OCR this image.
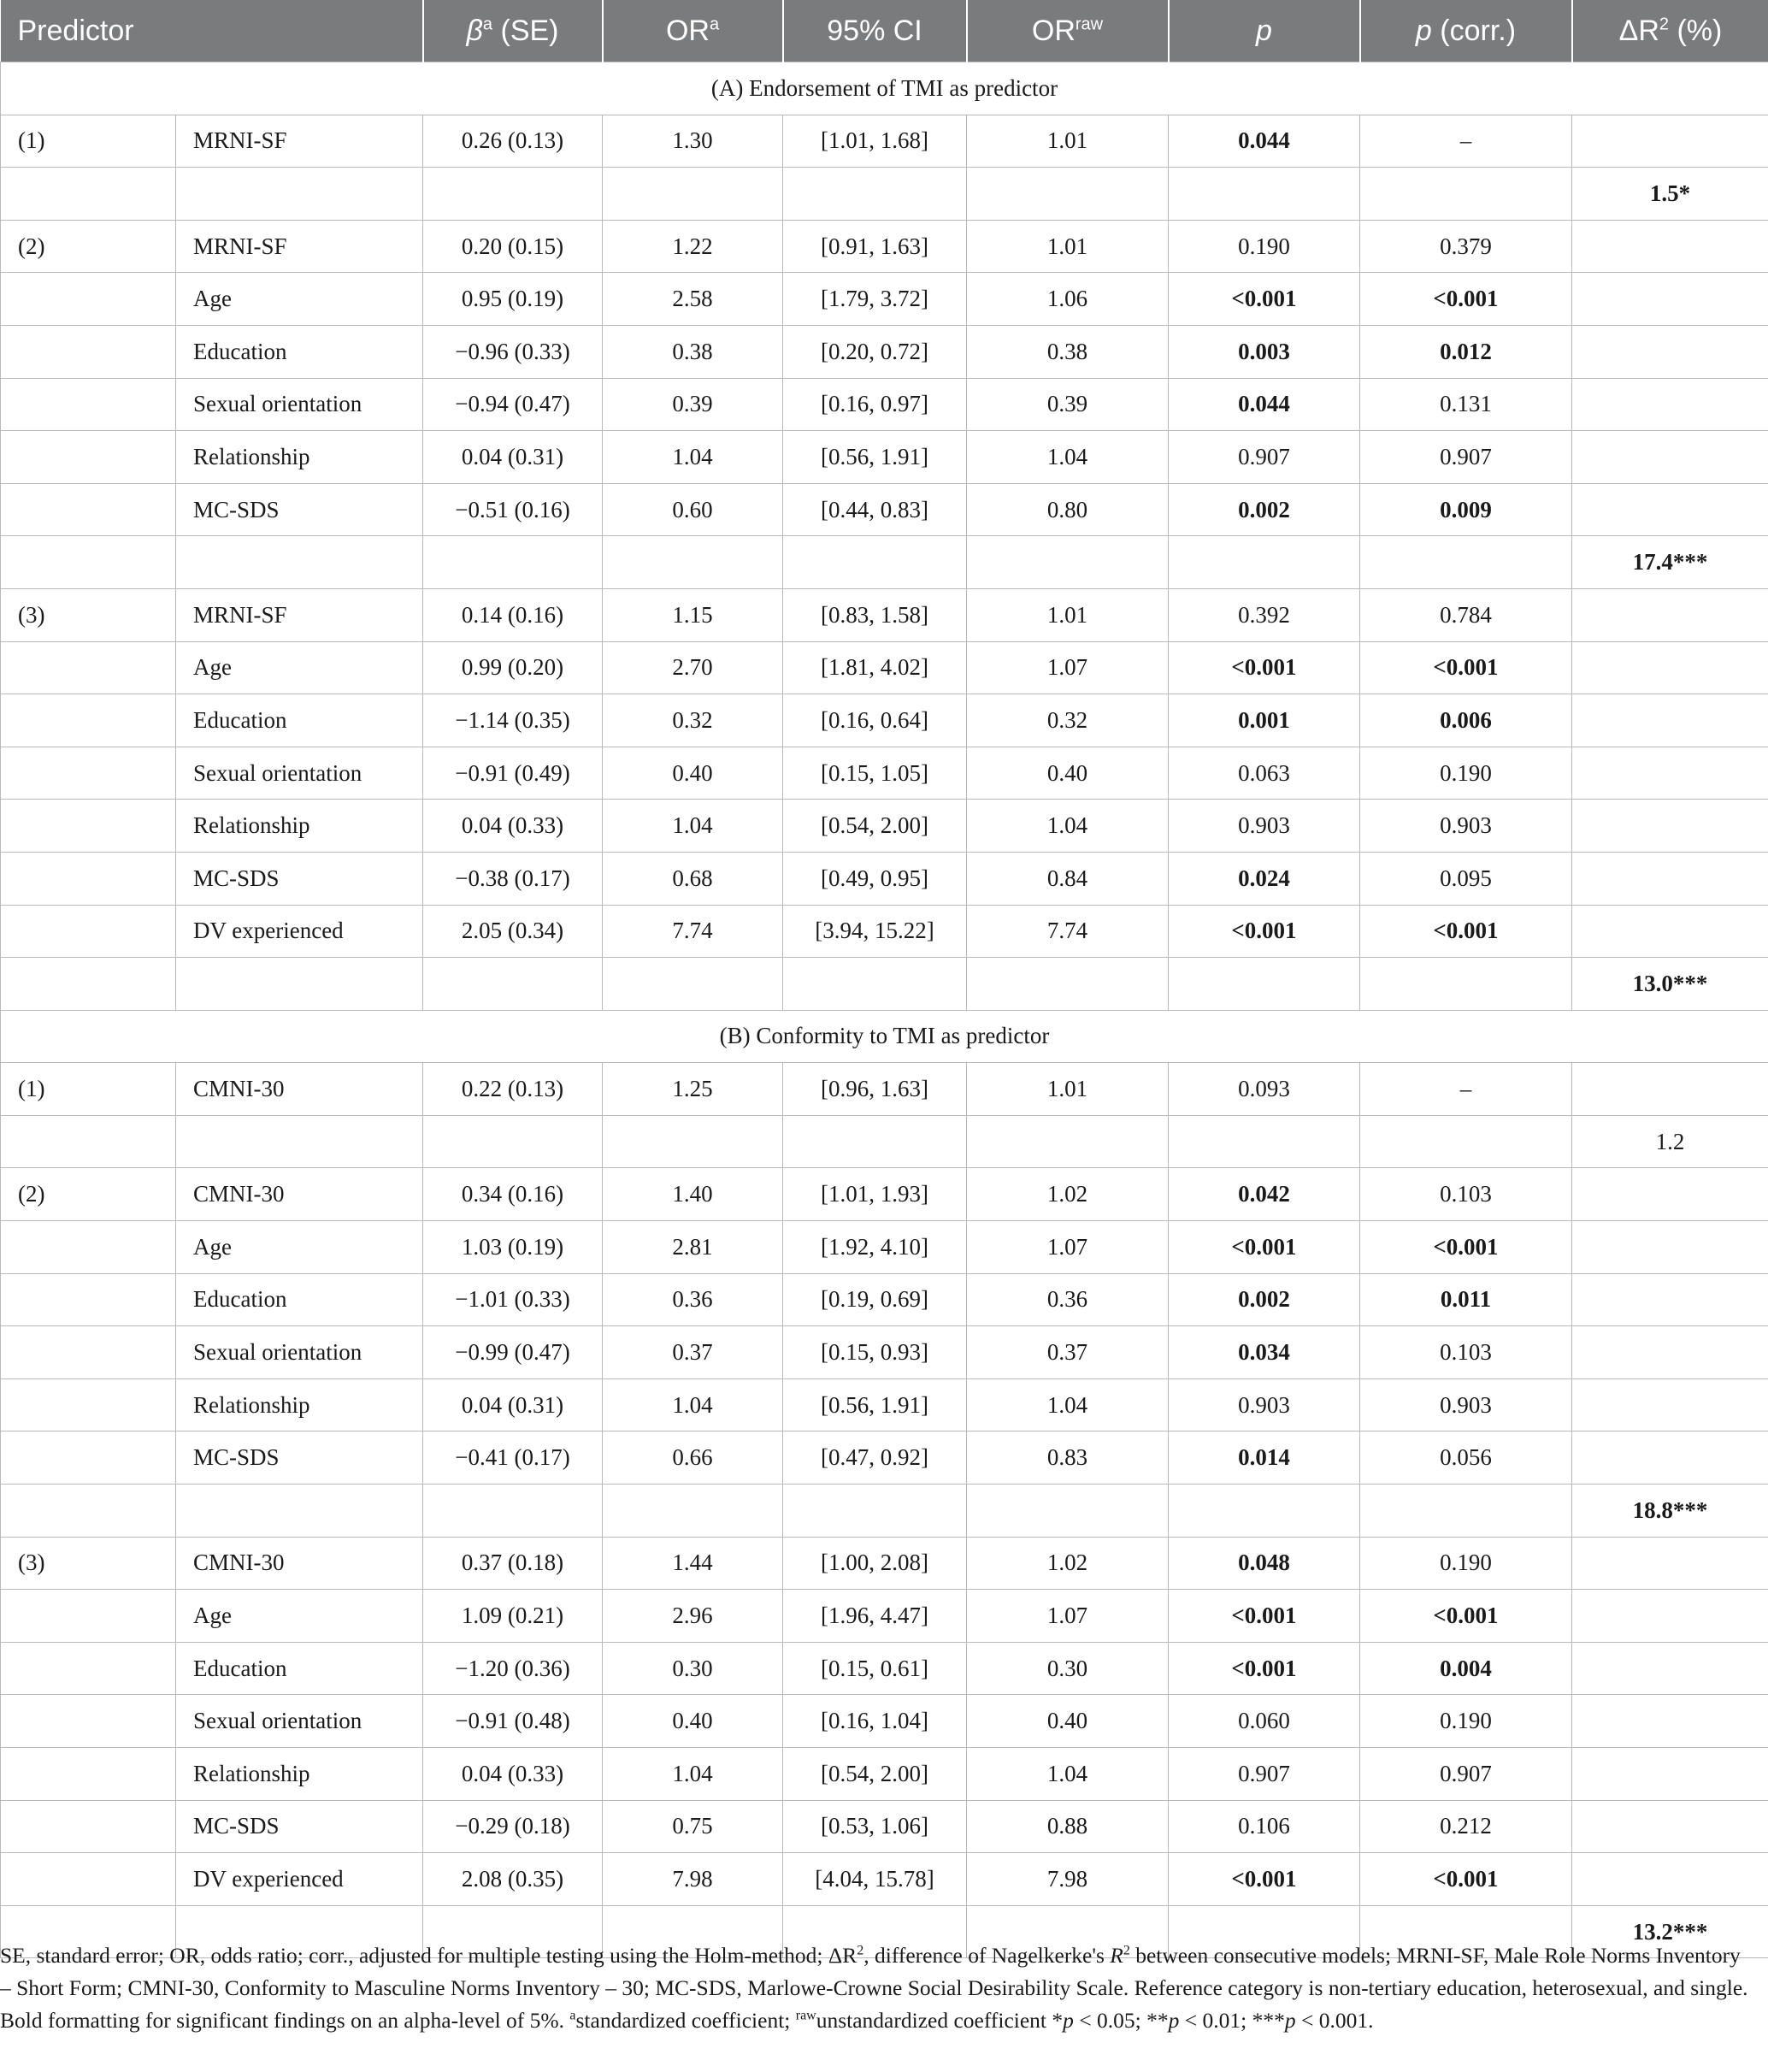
Predictor		$\beta^a$ (SE)	$OR^a$	95% CI	$OR^{raw}$	p	p (corr.)	$\Delta R^2$ (%)
(A) Endorsement of TMI as predictor								
(1)	MRNI-SF	0.26 (0.13)	1.30	[1.01, 1.68]	1.01	0.044	–	
								1.5*
(2)	MRNI-SF	0.20 (0.15)	1.22	[0.91, 1.63]	1.01	0.190	0.379	
	Age	0.95 (0.19)	2.58	[1.79, 3.72]	1.06	<0.001	<0.001	
	Education	−0.96 (0.33)	0.38	[0.20, 0.72]	0.38	0.003	0.012	
	Sexual orientation	−0.94 (0.47)	0.39	[0.16, 0.97]	0.39	0.044	0.131	
	Relationship	0.04 (0.31)	1.04	[0.56, 1.91]	1.04	0.907	0.907	
	MC-SDS	−0.51 (0.16)	0.60	[0.44, 0.83]	0.80	0.002	0.009	
								17.4***
(3)	MRNI-SF	0.14 (0.16)	1.15	[0.83, 1.58]	1.01	0.392	0.784	
	Age	0.99 (0.20)	2.70	[1.81, 4.02]	1.07	<0.001	<0.001	
	Education	−1.14 (0.35)	0.32	[0.16, 0.64]	0.32	0.001	0.006	
	Sexual orientation	−0.91 (0.49)	0.40	[0.15, 1.05]	0.40	0.063	0.190	
	Relationship	0.04 (0.33)	1.04	[0.54, 2.00]	1.04	0.903	0.903	
	MC-SDS	−0.38 (0.17)	0.68	[0.49, 0.95]	0.84	0.024	0.095	
	DV experienced	2.05 (0.34)	7.74	[3.94, 15.22]	7.74	<0.001	<0.001	
								13.0***
(B) Conformity to TMI as predictor								
(1)	CMNI-30	0.22 (0.13)	1.25	[0.96, 1.63]	1.01	0.093	–	
								1.2
(2)	CMNI-30	0.34 (0.16)	1.40	[1.01, 1.93]	1.02	0.042	0.103	
	Age	1.03 (0.19)	2.81	[1.92, 4.10]	1.07	<0.001	<0.001	
	Education	−1.01 (0.33)	0.36	[0.19, 0.69]	0.36	0.002	0.011	
	Sexual orientation	−0.99 (0.47)	0.37	[0.15, 0.93]	0.37	0.034	0.103	
	Relationship	0.04 (0.31)	1.04	[0.56, 1.91]	1.04	0.903	0.903	
	MC-SDS	−0.41 (0.17)	0.66	[0.47, 0.92]	0.83	0.014	0.056	
								18.8***
(3)	CMNI-30	0.37 (0.18)	1.44	[1.00, 2.08]	1.02	0.048	0.190	
	Age	1.09 (0.21)	2.96	[1.96, 4.47]	1.07	<0.001	<0.001	
	Education	−1.20 (0.36)	0.30	[0.15, 0.61]	0.30	<0.001	0.004	
	Sexual orientation	−0.91 (0.48)	0.40	[0.16, 1.04]	0.40	0.060	0.190	
	Relationship	0.04 (0.33)	1.04	[0.54, 2.00]	1.04	0.907	0.907	
	MC-SDS	−0.29 (0.18)	0.75	[0.53, 1.06]	0.88	0.106	0.212	
	DV experienced	2.08 (0.35)	7.98	[4.04, 15.78]	7.98	<0.001	<0.001	
								13.2***
SE, standard error; OR, odds ratio; corr., adjusted for multiple testing using the Holm-method; $\Delta R^2$, difference of Nagelkerke's $R^2$ between consecutive models; MRNI-SF, Male Role Norms Inventory – Short Form; CMNI-30, Conformity to Masculine Norms Inventory – 30; MC-SDS, Marlowe-Crowne Social Desirability Scale. Reference category is non-tertiary education, heterosexual, and single. Bold formatting for significant findings on an alpha-level of 5%. $^a$standardized coefficient; $^{raw}$unstandardized coefficient *p < 0.05; **p < 0.01; ***p < 0.001.
